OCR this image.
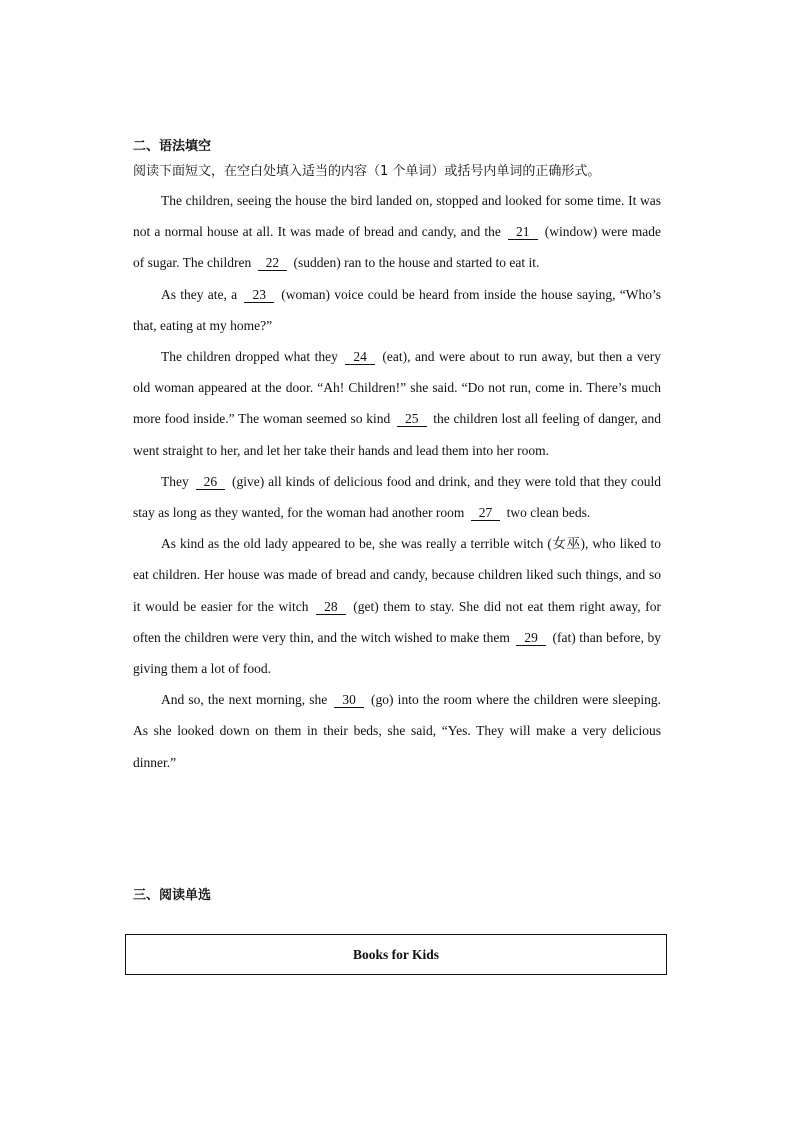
二、语法填空
阅读下面短文，在空白处填入适当的内容（1 个单词）或括号内单词的正确形式。

The children, seeing the house the bird landed on, stopped and looked for some time. It was not a normal house at all. It was made of bread and candy, and the 21 (window) were made of sugar. The children 22 (sudden) ran to the house and started to eat it.

As they ate, a 23 (woman) voice could be heard from inside the house saying, “Who’s that, eating at my home?”

The children dropped what they 24 (eat), and were about to run away, but then a very old woman appeared at the door. “Ah! Children!” she said. “Do not run, come in. There’s much more food inside.” The woman seemed so kind 25 the children lost all feeling of danger, and went straight to her, and let her take their hands and lead them into her room.

They 26 (give) all kinds of delicious food and drink, and they were told that they could stay as long as they wanted, for the woman had another room 27 two clean beds.

As kind as the old lady appeared to be, she was really a terrible witch (女巫), who liked to eat children. Her house was made of bread and candy, because children liked such things, and so it would be easier for the witch 28 (get) them to stay. She did not eat them right away, for often the children were very thin, and the witch wished to make them 29 (fat) than before, by giving them a lot of food.

And so, the next morning, she 30 (go) into the room where the children were sleeping. As she looked down on them in their beds, she said, “Yes. They will make a very delicious dinner.”

三、阅读单选
Books for Kids
